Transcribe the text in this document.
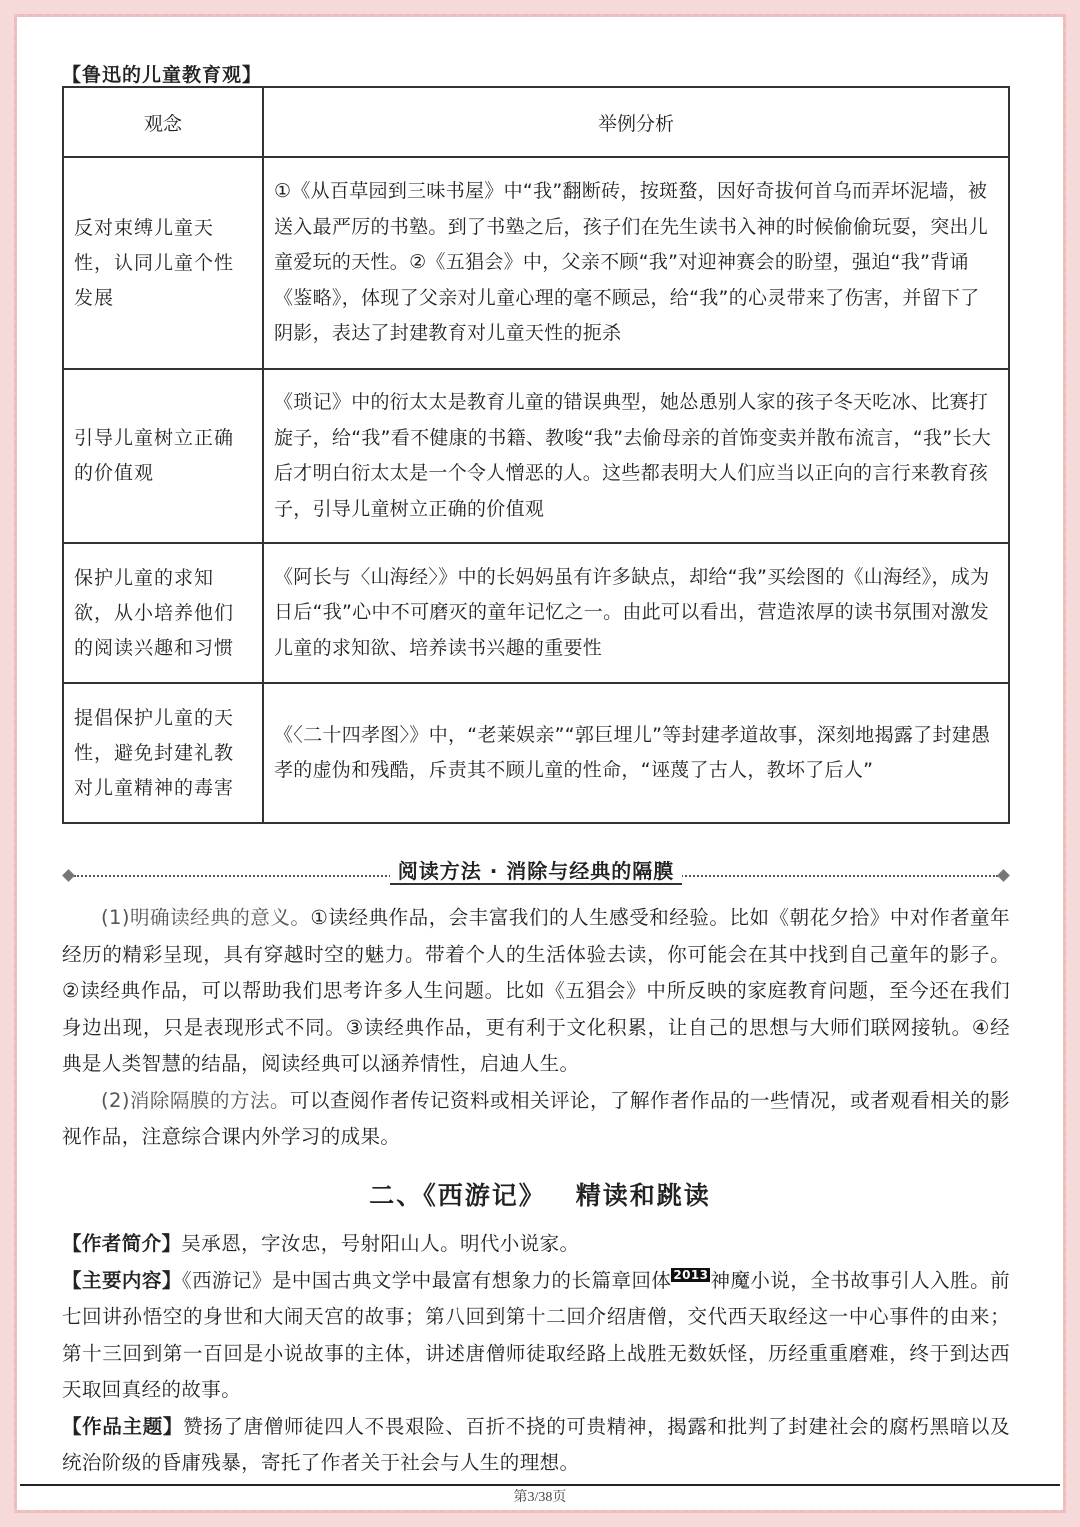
【鲁迅的儿童教育观】
观念	举例分析
反对束缚儿童天性，认同儿童个性发展	①《从百草园到三味书屋》中“我”翻断砖，按斑蝥，因好奇拔何首乌而弄坏泥墙，被送入最严厉的书塾。到了书塾之后，孩子们在先生读书入神的时候偷偷玩耍，突出儿童爱玩的天性。②《五猖会》中，父亲不顾“我”对迎神赛会的盼望，强迫“我”背诵《鉴略》，体现了父亲对儿童心理的毫不顾忌，给“我”的心灵带来了伤害，并留下了阴影，表达了封建教育对儿童天性的扼杀
引导儿童树立正确的价值观	《琐记》中的衍太太是教育儿童的错误典型，她怂恿别人家的孩子冬天吃冰、比赛打旋子，给“我”看不健康的书籍、教唆“我”去偷母亲的首饰变卖并散布流言，“我”长大后才明白衍太太是一个令人憎恶的人。这些都表明大人们应当以正向的言行来教育孩子，引导儿童树立正确的价值观
保护儿童的求知欲，从小培养他们的阅读兴趣和习惯	《阿长与〈山海经〉》中的长妈妈虽有许多缺点，却给“我”买绘图的《山海经》，成为日后“我”心中不可磨灭的童年记忆之一。由此可以看出，营造浓厚的读书氛围对激发儿童的求知欲、培养读书兴趣的重要性
提倡保护儿童的天性，避免封建礼教对儿童精神的毒害	《〈二十四孝图〉》中，“老莱娱亲”“郭巨埋儿”等封建孝道故事，深刻地揭露了封建愚孝的虚伪和残酷，斥责其不顾儿童的性命，“诬蔑了古人，教坏了后人”
阅读方法 · 消除与经典的隔膜

(1)明确读经典的意义。①读经典作品，会丰富我们的人生感受和经验。比如《朝花夕拾》中对作者童年经历的精彩呈现，具有穿越时空的魅力。带着个人的生活体验去读，你可能会在其中找到自己童年的影子。②读经典作品，可以帮助我们思考许多人生问题。比如《五猖会》中所反映的家庭教育问题，至今还在我们身边出现，只是表现形式不同。③读经典作品，更有利于文化积累，让自己的思想与大师们联网接轨。④经典是人类智慧的结晶，阅读经典可以涵养情性，启迪人生。

(2)消除隔膜的方法。可以查阅作者传记资料或相关评论，了解作者作品的一些情况，或者观看相关的影视作品，注意综合课内外学习的成果。

二、《西游记》 精读和跳读

【作者简介】吴承恩，字汝忠，号射阳山人。明代小说家。

【主要内容】《西游记》是中国古典文学中最富有想象力的长篇章回体 2013 神魔小说，全书故事引人入胜。前七回讲孙悟空的身世和大闹天宫的故事；第八回到第十二回介绍唐僧，交代西天取经这一中心事件的由来；第十三回到第一百回是小说故事的主体，讲述唐僧师徒取经路上战胜无数妖怪，历经重重磨难，终于到达西天取回真经的故事。

【作品主题】赞扬了唐僧师徒四人不畏艰险、百折不挠的可贵精神，揭露和批判了封建社会的腐朽黑暗以及统治阶级的昏庸残暴，寄托了作者关于社会与人生的理想。

第3/38页
